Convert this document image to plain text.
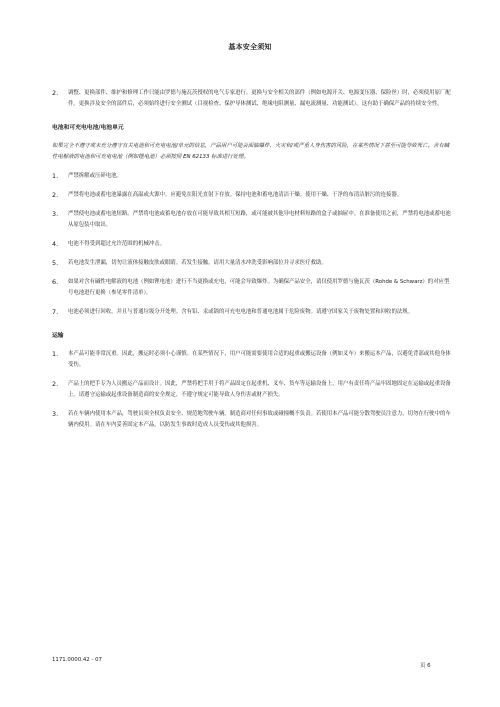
基本安全须知
2.	调整、更换部件、维护和修理工作只能由罗德与施瓦茨授权的电气专家进行。更换与安全相关的部件（例如电源开关、电源变压器、保险丝）时，必须使用原厂配件。更换涉及安全的部件后，必须始终进行安全测试（目视检查、保护导体测试、绝缘电阻测量、漏电流测量、功能测试）。这有助于确保产品的持续安全性。
电池和可充电电池/电池单元
如果完全不遵守或未充分遵守有关电池和可充电电池/单元的信息，产品用户可能会面临爆炸、火灾和/或严重人身伤害的风险，在某些情况下甚至可能导致死亡。含有碱性电解液的电池和可充电电池（例如锂电池）必须按照 EN 62133 标准进行处理。
1.	严禁拆解或压碎电池。
2.	严禁将电池或蓄电池暴露在高温或火源中。应避免在阳光直射下存放。保持电池和蓄电池清洁干燥。使用干燥、干净的布清洁脏污的连接器。
3.	严禁使电池或蓄电池短路。严禁将电池或蓄电池存放在可能导致其相互短路，或可能被其他导电材料短路的盒子或抽屉中。在准备使用之前，严禁将电池或蓄电池从原包装中取出。
4.	电池不得受到超过允许范围的机械冲击。
5.	若电池发生泄漏，切勿让液体接触皮肤或眼睛。若发生接触，请用大量清水冲洗受影响部位并寻求医疗救助。
6.	如果对含有碱性电解液的电池（例如锂电池）进行不当更换或充电，可能会导致爆炸。为确保产品安全，请仅使用罗德与施瓦茨（Rohde & Schwarz）的对应型号电池进行更换（参见零件清单）。
7.	电池必须进行回收，并且与普通垃圾分开处理。含有铅、汞或镉的可充电电池和普通电池属于危险废物。请遵守国家关于废物处置和回收的法规。
运输
1.	本产品可能非常沉重。因此，搬运时必须小心谨慎。在某些情况下，用户可能需要使用合适的起重或搬运设备（例如叉车）来搬运本产品，以避免背部或其他身体受伤。
2.	产品上的把手专为人员搬运产品而设计。因此，严禁将把手用于将产品固定在起重机、叉车、货车等运输设备上。用户有责任将产品牢固地固定在运输或起重设备上。请遵守运输或起重设备制造商的安全规定。不遵守规定可能导致人身伤害或财产损失。
3.	若在车辆内使用本产品，驾驶员须全权负责安全、规范地驾驶车辆。制造商对任何事故或碰撞概不负责。若使用本产品可能分散驾驶员注意力，切勿在行驶中的车辆内使用。请在车内妥善固定本产品，以防发生事故时造成人员受伤或其他损害。
1171.0000.42 - 07
页 6
